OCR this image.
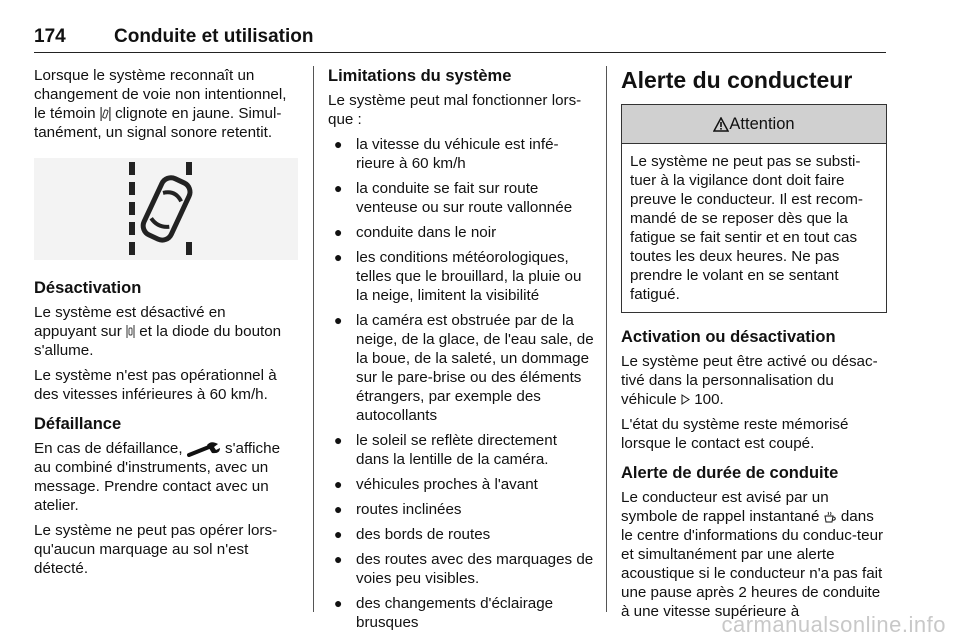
174	Conduite et utilisation

Lorsque le système reconnaît un
changement de voie non intentionnel,
le témoin  clignote en jaune. Simul-
tanément, un signal sonore retentit.

Désactivation

Le système est désactivé en
appuyant sur  et la diode du bouton
s'allume.

Le système n'est pas opérationnel à des vitesses inférieures à 60 km/h.

Défaillance

En cas de défaillance,  s'affiche
au combiné d'instruments, avec un message. Prendre contact avec un atelier.

Le système ne peut pas opérer lors-qu'aucun marquage au sol n'est détecté.

Limitations du système

Le système peut mal fonctionner lors-que :

● la vitesse du véhicule est infé-rieure à 60 km/h
● la conduite se fait sur route venteuse ou sur route vallonnée
● conduite dans le noir
● les conditions météorologiques, telles que le brouillard, la pluie ou la neige, limitent la visibilité
● la caméra est obstruée par de la neige, de la glace, de l'eau sale, de la boue, de la saleté, un dommage sur le pare-brise ou des éléments étrangers, par exemple des autocollants
● le soleil se reflète directement dans la lentille de la caméra.
● véhicules proches à l'avant
● routes inclinées
● des bords de routes
● des routes avec des marquages de voies peu visibles.
● des changements d'éclairage brusques
Alerte du conducteur
Attention

Le système ne peut pas se substi-tuer à la vigilance dont doit faire preuve le conducteur. Il est recom-mandé de se reposer dès que la fatigue se fait sentir et en tout cas toutes les deux heures. Ne pas prendre le volant en se sentant fatigué.

Activation ou désactivation

Le système peut être activé ou désac-tivé dans la personnalisation du véhicule  100.

L'état du système reste mémorisé lorsque le contact est coupé.

Alerte de durée de conduite

Le conducteur est avisé par un symbole de rappel instantané  dans le centre d'informations du conduc-teur et simultanément par une alerte acoustique si le conducteur n'a pas fait une pause après 2 heures de conduite à une vitesse supérieure à

carmanualsonline.info
